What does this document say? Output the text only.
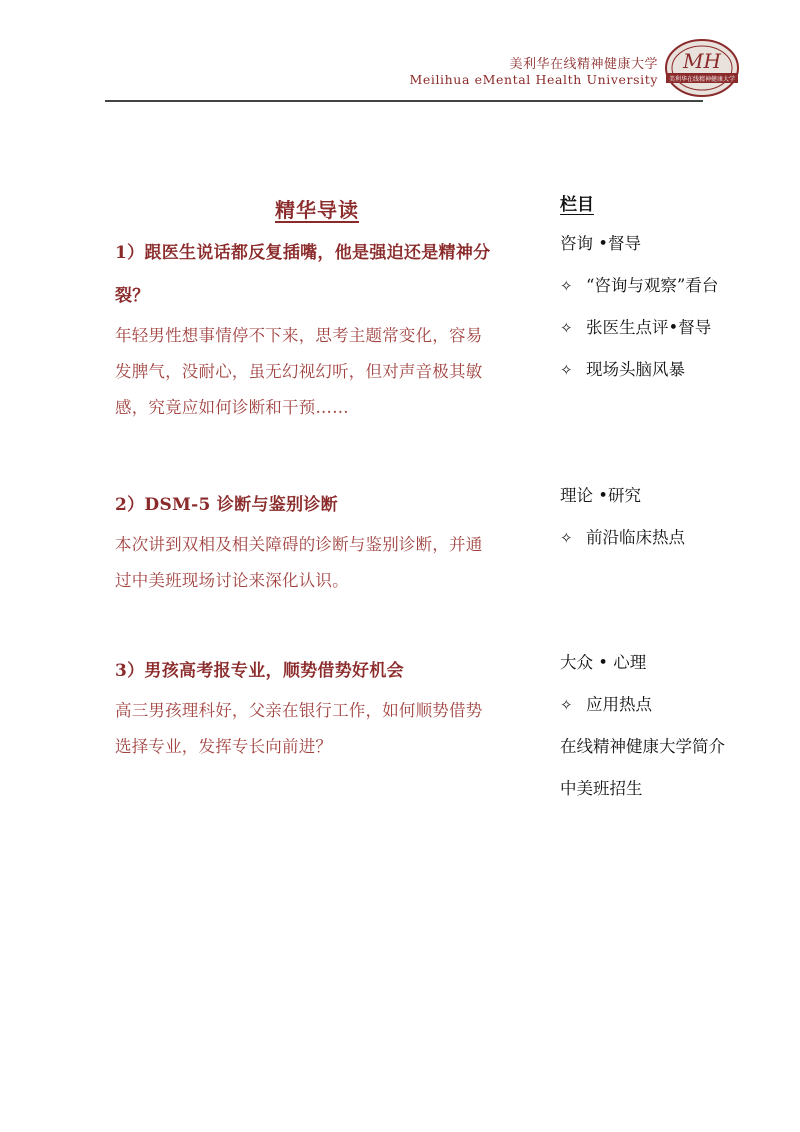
美利华在线精神健康大学
Meilihua eMental Health University
MH
美利华在线精神健康大学
精华导读
1）跟医生说话都反复插嘴，他是强迫还是精神分
裂？
年轻男性想事情停不下来，思考主题常变化，容易
发脾气，没耐心，虽无幻视幻听，但对声音极其敏
感，究竟应如何诊断和干预……
2）DSM-5 诊断与鉴别诊断
本次讲到双相及相关障碍的诊断与鉴别诊断，并通
过中美班现场讨论来深化认识。
3）男孩高考报专业，顺势借势好机会
高三男孩理科好，父亲在银行工作，如何顺势借势
选择专业，发挥专长向前进？
栏目
咨询 •督导
✧ “咨询与观察”看台
✧ 张医生点评•督导
✧ 现场头脑风暴
理论 •研究
✧ 前沿临床热点
大众 • 心理
✧ 应用热点
在线精神健康大学简介
中美班招生
